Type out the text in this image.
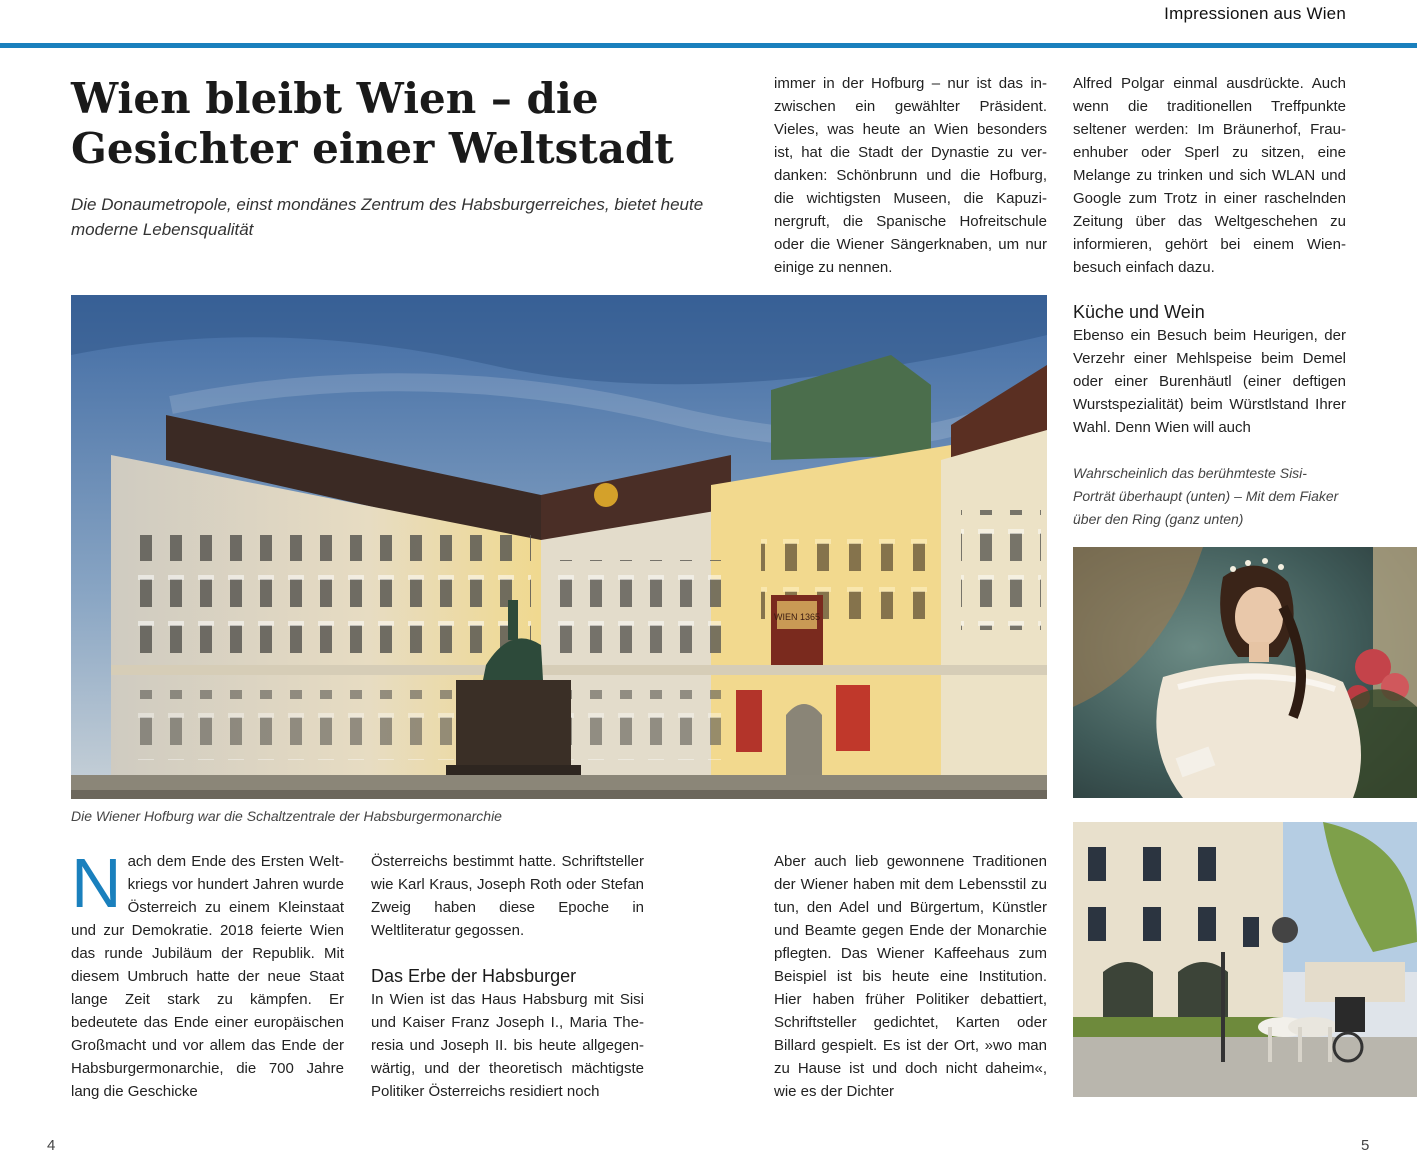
Impressionen aus Wien
Wien bleibt Wien – die Gesichter einer Weltstadt

Die Donaumetropole, einst mondänes Zentrum des Habsburgerreiches, bietet heute moderne Lebensqualität

immer in der Hofburg – nur ist das inzwischen ein gewählter Präsident. Vieles, was heute an Wien besonders ist, hat die Stadt der Dynastie zu verdanken: Schönbrunn und die Hofburg, die wichtigsten Museen, die Kapuzinergruft, die Spanische Hofreitschule oder die Wiener Sängerknaben, um nur einige zu nennen.

Alfred Polgar einmal ausdrückte. Auch wenn die traditionellen Treffpunkte seltener werden: Im Bräunerhof, Frauenhuber oder Sperl zu sitzen, eine Melange zu trinken und sich WLAN und Google zum Trotz in einer raschelnden Zeitung über das Weltgeschehen zu informieren, gehört bei einem Wienbesuch einfach dazu.

Küche und Wein

Ebenso ein Besuch beim Heurigen, der Verzehr einer Mehlspeise beim Demel oder einer Burenhäutl (einer deftigen Wurstspezialität) beim Würstlstand Ihrer Wahl. Denn Wien will auch

Wahrscheinlich das berühmteste Sisi-Porträt überhaupt (unten) – Mit dem Fiaker über den Ring (ganz unten)

WIEN 1365

Die Wiener Hofburg war die Schaltzentrale der Habsburgermonarchie

N ach dem Ende des Ersten Weltkriegs vor hundert Jahren wurde Österreich zu einem Kleinstaat und zur Demokratie. 2018 feierte Wien das runde Jubiläum der Republik. Mit diesem Umbruch hatte der neue Staat lange Zeit stark zu kämpfen. Er bedeutete das Ende einer europäischen Großmacht und vor allem das Ende der Habsburgermonarchie, die 700 Jahre lang die Geschicke

Österreichs bestimmt hatte. Schriftsteller wie Karl Kraus, Joseph Roth oder Stefan Zweig haben diese Epoche in Weltliteratur gegossen.

Das Erbe der Habsburger

In Wien ist das Haus Habsburg mit Sisi und Kaiser Franz Joseph I., Maria Theresia und Joseph II. bis heute allgegenwärtig, und der theoretisch mächtigste Politiker Österreichs residiert noch

Aber auch lieb gewonnene Traditionen der Wiener haben mit dem Lebensstil zu tun, den Adel und Bürgertum, Künstler und Beamte gegen Ende der Monarchie pflegten. Das Wiener Kaffeehaus zum Beispiel ist bis heute eine Institution. Hier haben früher Politiker debattiert, Schriftsteller gedichtet, Karten oder Billard gespielt. Es ist der Ort, »wo man zu Hause ist und doch nicht daheim«, wie es der Dichter

4	5
